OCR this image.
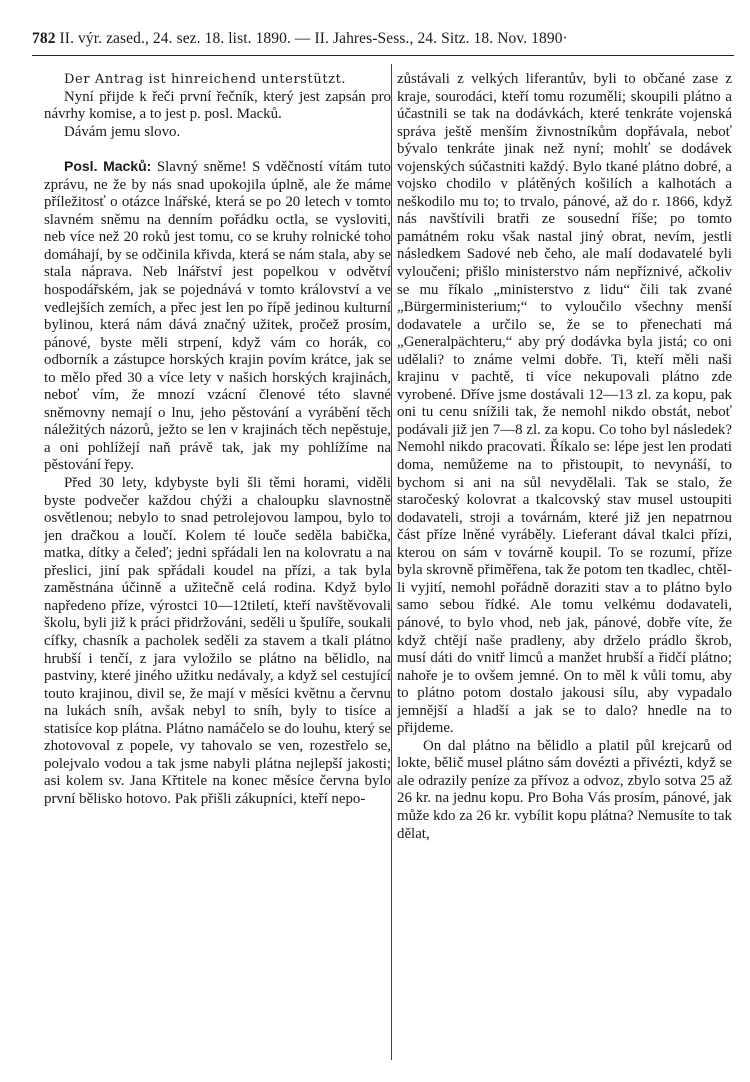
782 II. výr. zased., 24. sez. 18. list. 1890. — II. Jahres-Sess., 24. Sitz. 18. Nov. 1890·

Der Antrag ist hinreichend unterstützt.

Nyní přijde k řeči první řečník, který jest zapsán pro návrhy komise, a to jest p. posl. Macků.

Dávám jemu slovo.

Posl. Macků: Slavný sněme! S vděčností vítám tuto zprávu, ne že by nás snad upokojila úplně, ale že máme příležitosť o otázce lnářské, která se po 20 letech v tomto slavném sněmu na denním pořádku octla, se vysloviti, neb více než 20 roků jest tomu, co se kruhy rolnické toho domáhají, by se odčinila křivda, která se nám stala, aby se stala náprava. Neb lnářství jest popelkou v odvětví hospodářském, jak se pojednává v tomto království a ve vedlejších zemích, a přec jest len po řípě jedinou kulturní bylinou, která nám dává značný užitek, pročež prosím, pánové, byste měli strpení, když vám co horák, co odborník a zástupce horských krajin povím krátce, jak se to mělo před 30 a více lety v našich horských krajinách, neboť vím, že mnozí vzácní členové této slavné sněmovny nemají o lnu, jeho pěstování a vyrábění těch náležitých názorů, ježto se len v krajinách těch nepěstuje, a oni pohlížejí naň právě tak, jak my pohlížíme na pěstování řepy.

Před 30 lety, kdybyste byli šli těmi horami, viděli byste podvečer každou chýži a chaloupku slavnostně osvětlenou; nebylo to snad petrolejovou lampou, bylo to jen dračkou a loučí. Kolem té louče seděla babička, matka, dítky a čeleď; jedni spřádali len na kolovratu a na přeslici, jiní pak spřádali koudel na přízi, a tak byla zaměstnána účinně a užitečně celá rodina. Když bylo napředeno příze, výrostci 10—12tiletí, kteří navštěvovali školu, byli již k práci přidržováni, seděli u špulíře, soukali cífky, chasník a pacholek seděli za stavem a tkali plátno hrubší i tenčí, z jara vyložilo se plátno na bělidlo, na pastviny, které jiného užitku nedávaly, a když sel cestující touto krajinou, divil se, že mají v měsíci květnu a červnu na lukách sníh, avšak nebyl to sníh, byly to tisíce a statisíce kop plátna. Plátno namáčelo se do louhu, který se zhotovoval z popele, vy tahovalo se ven, rozestřelo se, polejvalo vodou a tak jsme nabyli plátna nejlepší jakosti; asi kolem sv. Jana Křtitele na konec měsíce června bylo první bělisko hotovo. Pak přišli zákupníci, kteří nepo-

zůstávali z velkých liferantův, byli to občané zase z kraje, sourodáci, kteří tomu rozuměli; skoupili plátno a účastnili se tak na dodávkách, které tenkráte vojenská správa ještě menším živnostníkům dopřávala, neboť bývalo tenkráte jinak než nyní; mohlť se dodávek vojenských súčastniti každý. Bylo tkané plátno dobré, a vojsko chodilo v plátěných košilích a kalhotách a neškodilo mu to; to trvalo, pánové, až do r. 1866, když nás navštívili bratři ze sousední říše; po tomto památném roku však nastal jiný obrat, nevím, jestli následkem Sadové neb čeho, ale malí dodavatelé byli vyloučeni; přišlo ministerstvo nám nepříznivé, ačkoliv se mu říkalo „ministerstvo z lidu“ čili tak zvané „Bürgerministerium;“ to vyloučilo všechny menší dodavatele a určilo se, že se to přenechati má „Generalpächteru,“ aby prý dodávka byla jistá; co oni udělali? to známe velmi dobře. Ti, kteří měli naši krajinu v pachtě, ti více nekupovali plátno zde vyrobené. Dříve jsme dostávali 12—13 zl. za kopu, pak oni tu cenu snížili tak, že nemohl nikdo obstát, neboť podávali již jen 7—8 zl. za kopu. Co toho byl následek? Nemohl nikdo pracovati. Říkalo se: lépe jest len prodati doma, nemůžeme na to přistoupit, to nevynáší, to bychom si ani na sůl nevydělali. Tak se stalo, že staročeský kolovrat a tkalcovský stav musel ustoupiti dodavateli, stroji a továrnám, které již jen nepatrnou část příze lněné vyráběly. Lieferant dával tkalci přízi, kterou on sám v továrně koupil. To se rozumí, příze byla skrovně přiměřena, tak že potom ten tkadlec, chtěl-li vyjití, nemohl pořádně doraziti stav a to plátno bylo samo sebou řídké. Ale tomu velkému dodavateli, pánové, to bylo vhod, neb jak, pánové, dobře víte, že když chtějí naše pradleny, aby drželo prádlo škrob, musí dáti do vnitř limců a manžet hrubší a řidčí plátno; nahoře je to ovšem jemné. On to měl k vůli tomu, aby to plátno potom dostalo jakousi sílu, aby vypadalo jemnější a hladší a jak se to dalo? hnedle na to přijdeme.

On dal plátno na bělidlo a platil půl krejcarů od lokte, bělič musel plátno sám dovézti a přivézti, když se ale odrazily peníze za přívoz a odvoz, zbylo sotva 25 až 26 kr. na jednu kopu. Pro Boha Vás prosím, pánové, jak může kdo za 26 kr. vybílit kopu plátna? Nemusíte to tak dělat,
